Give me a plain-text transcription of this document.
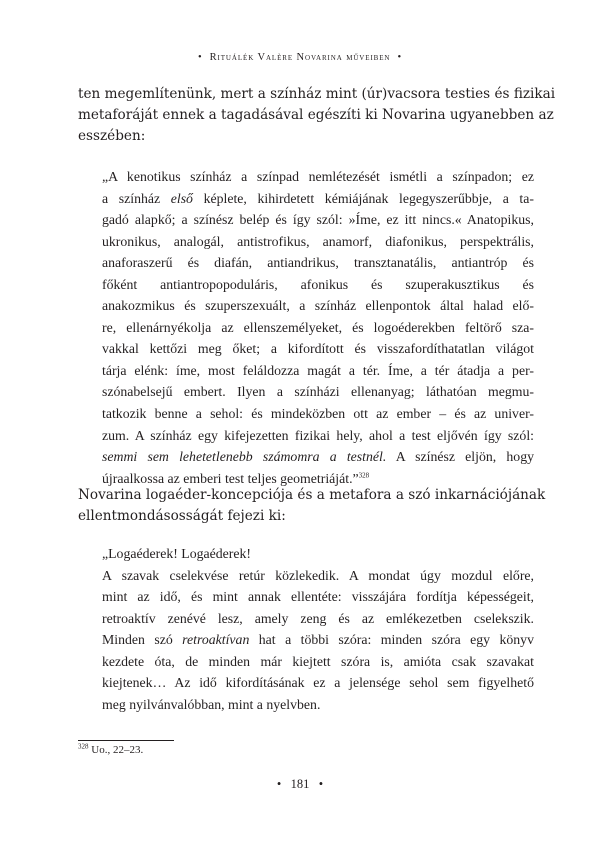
• Rituálék Valère Novarina műveiben •
ten megemlítenünk, mert a színház mint (úr)vacsora testies és fizikai
metaforáját ennek a tagadásával egészíti ki Novarina ugyanebben az
esszében:
„A kenotikus színház a színpad nemlétezését ismétli a színpadon; ez
a színház első képlete, kihirdetett kémiájának legegyszerűbbje, a ta-
gadó alapkő; a színész belép és így szól: »Íme, ez itt nincs.« Anatopikus,
ukronikus, analogál, antistrofikus, anamorf, diafonikus, perspektrális,
anaforaszerű és diafán, antiandrikus, transztanatális, antiantróp és
főként antiantropopoduláris, afonikus és szuperakusztikus és
anakozmikus és szuperszexuált, a színház ellenpontok által halad elő-
re, ellenárnyékolja az ellenszemélyeket, és logoéderekben feltörő sza-
vakkal kettőzi meg őket; a kifordított és visszafordíthatatlan világot
tárja elénk: íme, most feláldozza magát a tér. Íme, a tér átadja a per-
szónabelsejű embert. Ilyen a színházi ellenanyag; láthatóan megmu-
tatkozik benne a sehol: és mindeközben ott az ember – és az univer-
zum. A színház egy kifejezetten fizikai hely, ahol a test eljővén így szól:
semmi sem lehetetlenebb számomra a testnél. A színész eljön, hogy
újraalkossa az emberi test teljes geometriáját.”$^{328}$
Novarina logaéder-koncepciója és a metafora a szó inkarnációjának
ellentmondásosságát fejezi ki:
„Logaéderek! Logaéderek!
A szavak cselekvése retúr közlekedik. A mondat úgy mozdul előre,
mint az idő, és mint annak ellentéte: visszájára fordítja képességeit,
retroaktív zenévé lesz, amely zeng és az emlékezetben cselekszik.
Minden szó retroaktívan hat a többi szóra: minden szóra egy könyv
kezdete óta, de minden már kiejtett szóra is, amióta csak szavakat
kiejtenek… Az idő kifordításának ez a jelensége sehol sem figyelhető
meg nyilvánvalóbban, mint a nyelvben.
$^{328}$ Uo., 22–23.
• 181 •
